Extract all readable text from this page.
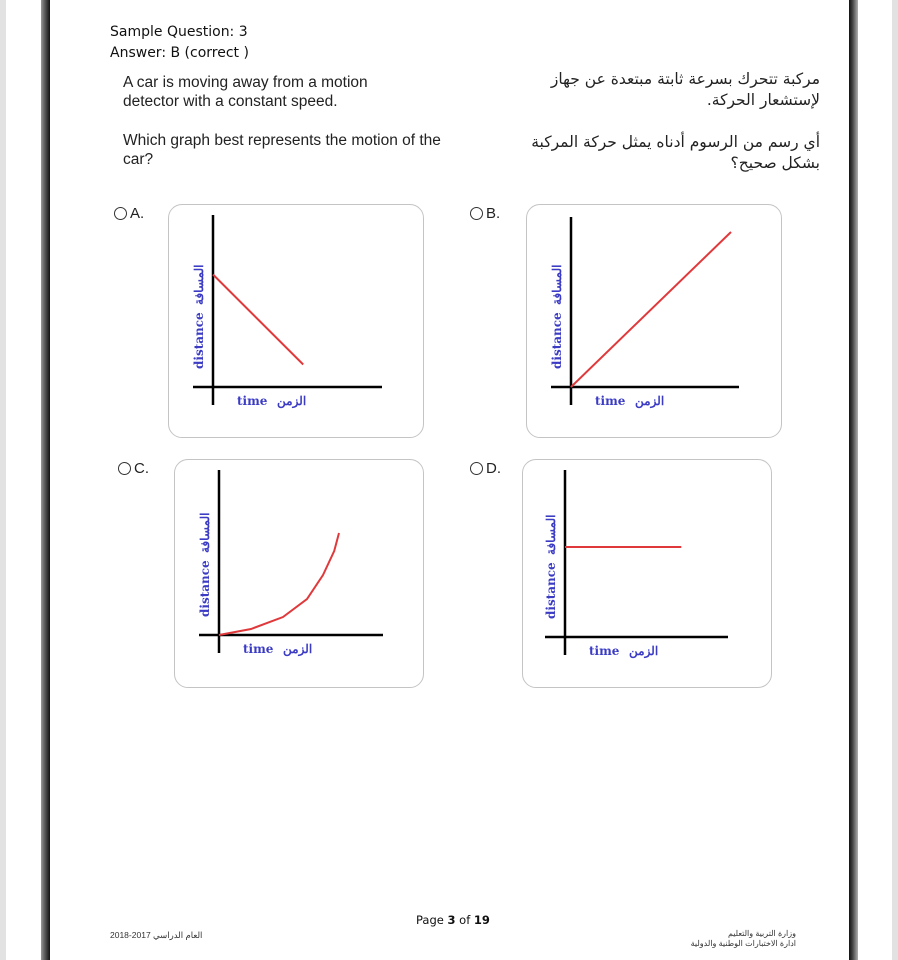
Sample Question: 3
Answer: B (correct )
A car is moving away from a motion detector with a constant speed.
Which graph best represents the motion of the car?
مركبة تتحرك بسرعة ثابتة مبتعدة عن جهاز لإستشعار الحركة.
أي رسم من الرسوم أدناه يمثل حركة المركبة بشكل صحيح؟
A.
time الزمن
distance
المسافة
B.
time الزمن
distance
المسافة
C.
time الزمن
distance
المسافة
D.
time الزمن
distance
المسافة
Page 3 of 19
العام الدراسي 2017-2018	وزارة التربية والتعليم
ادارة الاختبارات الوطنية والدولية
